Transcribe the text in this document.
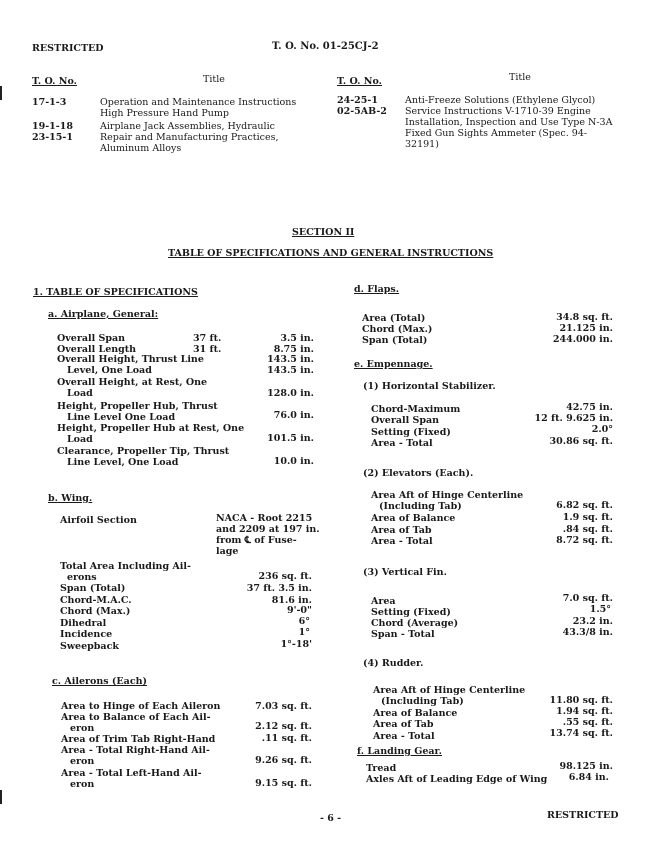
RESTRICTED	T. O. No. 01-25CJ-2
T. O. No.	Title	T. O. No.	Title
17-1-3	Operation and Maintenance Instructions High Pressure Hand Pump
19-1-18	Airplane Jack Assemblies, Hydraulic
23-15-1	Repair and Manufacturing Practices, Aluminum Alloys
24-25-1	Anti-Freeze Solutions (Ethylene Glycol)
02-5AB-2	Service Instructions V-1710-39 Engine Installation, Inspection and Use Type N-3A Fixed Gun Sights Ammeter (Spec. 94-32191)
SECTION II
TABLE OF SPECIFICATIONS AND GENERAL INSTRUCTIONS
1. TABLE OF SPECIFICATIONS
a. Airplane, General:
Overall Span	37 ft.	3.5 in.
Overall Length	31 ft.	8.75 in.
Overall Height, Thrust Line	143.5 in.
Level, One Load	143.5 in.
Overall Height, at Rest, One
Load	128.0 in.
Height, Propeller Hub, Thrust
Line Level One Load	76.0 in.
Height, Propeller Hub at Rest, One
Load	101.5 in.
Clearance, Propeller Tip, Thrust
Line Level, One Load	10.0 in.
b. Wing.
Airfoil Section	NACA - Root 2215
and 2209 at 197 in.
from ℄ of Fuse-
lage
Total Area Including Ail-
erons	236 sq. ft.
Span (Total)	37 ft. 3.5 in.
Chord-M.A.C.	81.6 in.
Chord (Max.)	9'-0"
Dihedral	6°
Incidence	1°
Sweepback	1°-18'
c. Ailerons (Each)
Area to Hinge of Each Aileron	7.03 sq. ft.
Area to Balance of Each Ail-
eron	2.12 sq. ft.
Area of Trim Tab Right-Hand	.11 sq. ft.
Area - Total Right-Hand Ail-
eron	9.26 sq. ft.
Area - Total Left-Hand Ail-
eron	9.15 sq. ft.
d. Flaps.
Area (Total)	34.8 sq. ft.
Chord (Max.)	21.125 in.
Span (Total)	244.000 in.
e. Empennage.
(1) Horizontal Stabilizer.
Chord-Maximum	42.75 in.
Overall Span	12 ft. 9.625 in.
Setting (Fixed)	2.0°
Area - Total	30.86 sq. ft.
(2) Elevators (Each).
Area Aft of Hinge Centerline
(Including Tab)	6.82 sq. ft.
Area of Balance	1.9 sq. ft.
Area of Tab	.84 sq. ft.
Area - Total	8.72 sq. ft.
(3) Vertical Fin.
Area	7.0 sq. ft.
Setting (Fixed)	1.5°
Chord (Average)	23.2 in.
Span - Total	43.3/8 in.
(4) Rudder.
Area Aft of Hinge Centerline
(Including Tab)	11.80 sq. ft.
Area of Balance	1.94 sq. ft.
Area of Tab	.55 sq. ft.
Area - Total	13.74 sq. ft.
f. Landing Gear.
Tread	98.125 in.
Axles Aft of Leading Edge of Wing 6.84 in.
- 6 -	RESTRICTED
